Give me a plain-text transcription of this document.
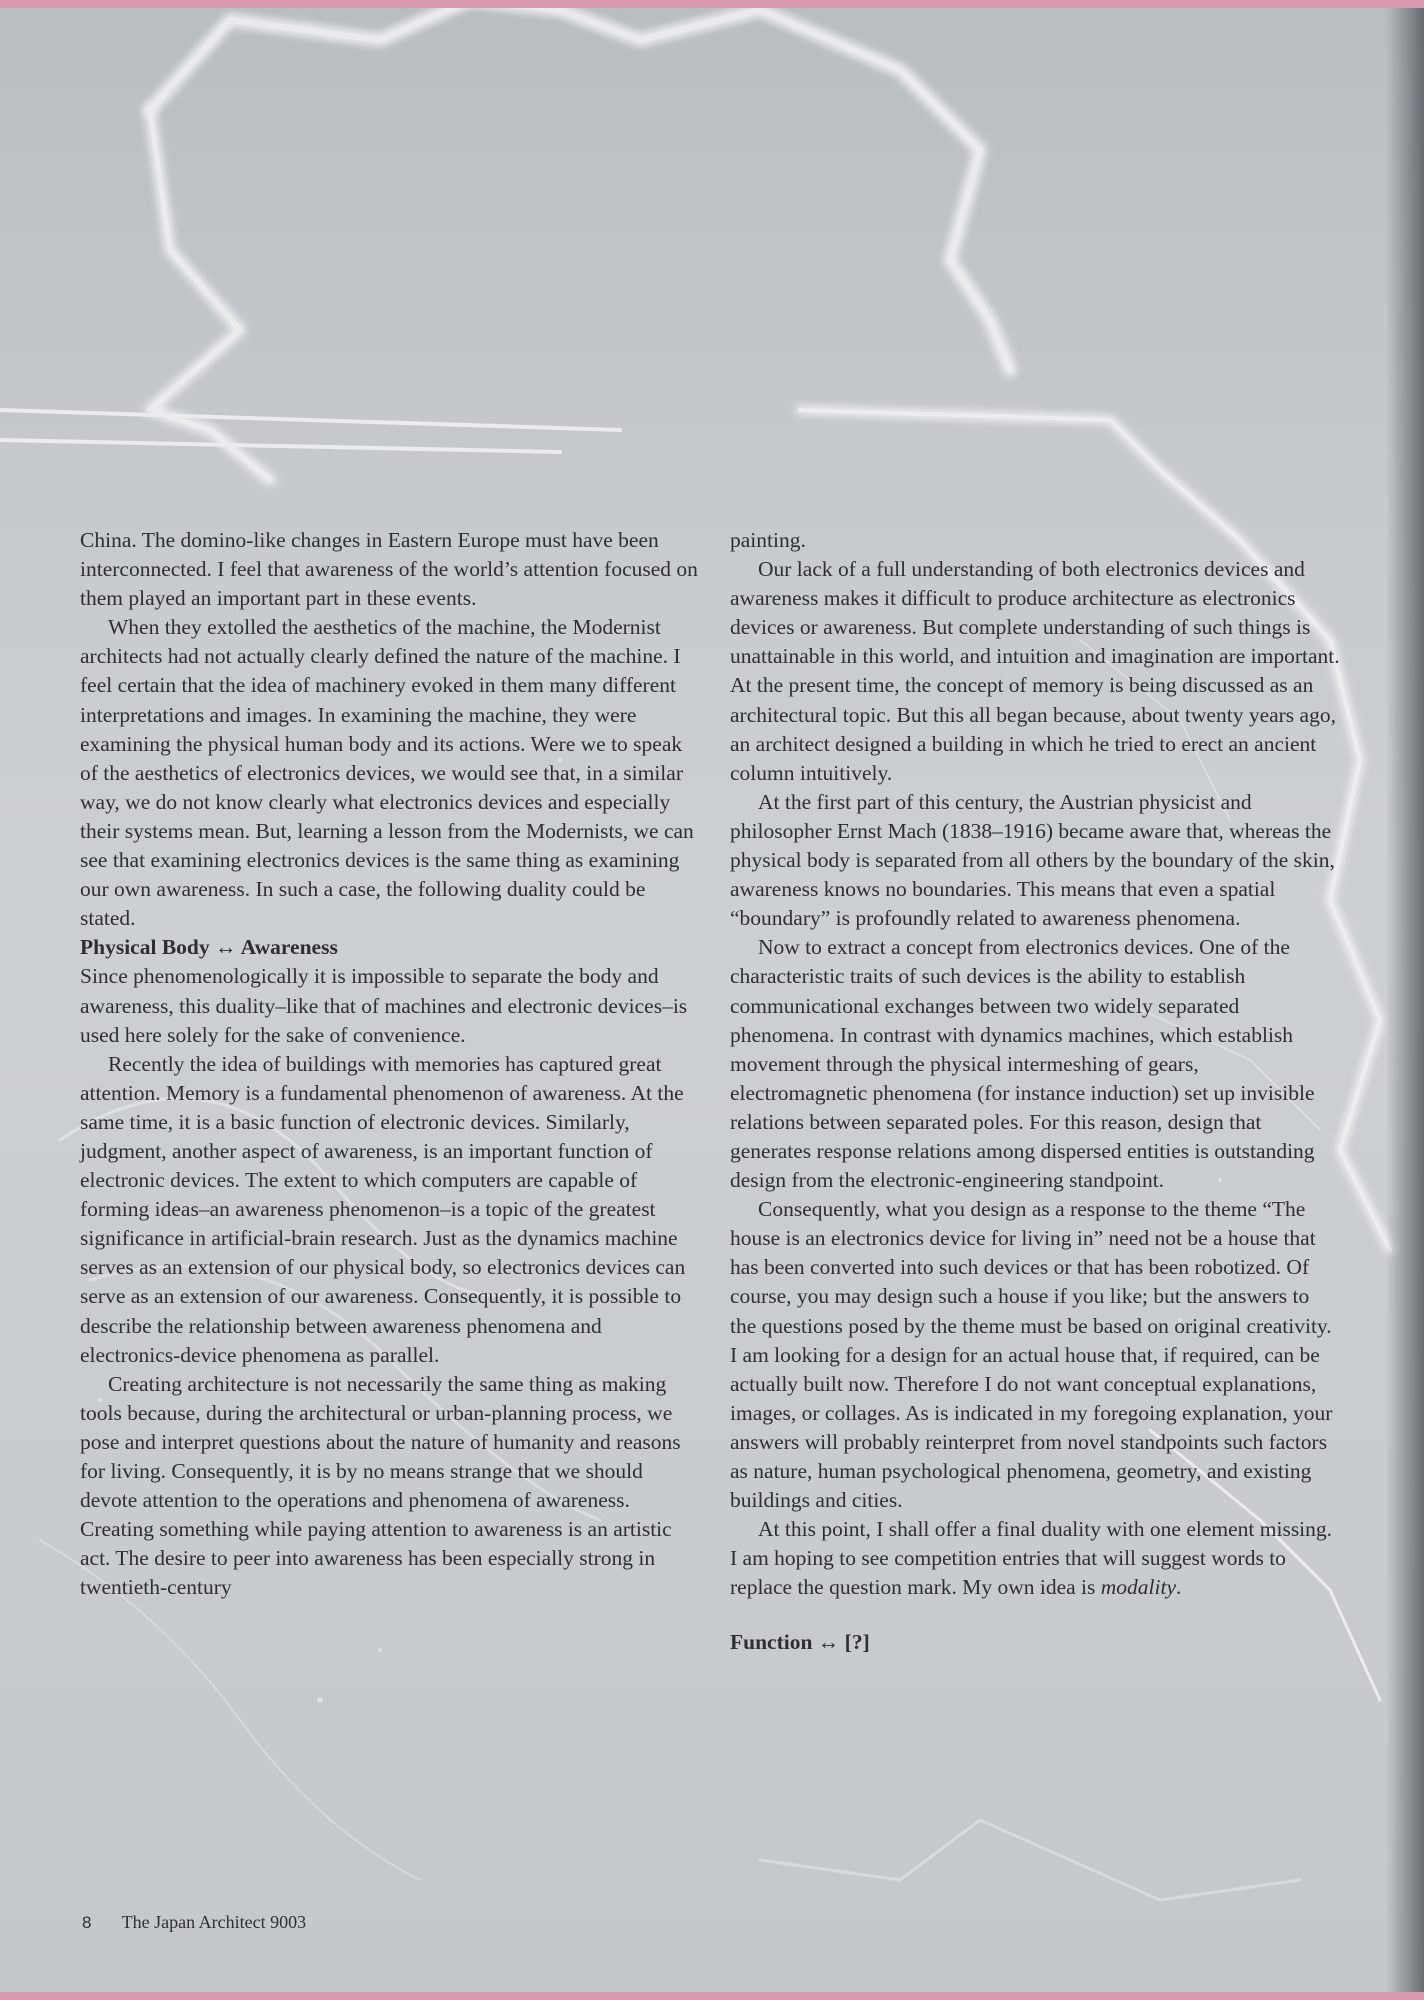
China. The domino-like changes in Eastern Europe must have been interconnected. I feel that awareness of the world’s attention focused on them played an important part in these events.

When they extolled the aesthetics of the machine, the Modernist architects had not actually clearly defined the nature of the machine. I feel certain that the idea of machinery evoked in them many different interpretations and images. In examining the machine, they were examining the physical human body and its actions. Were we to speak of the aesthetics of electronics devices, we would see that, in a similar way, we do not know clearly what electronics devices and especially their systems mean. But, learning a lesson from the Modernists, we can see that examining electronics devices is the same thing as examining our own awareness. In such a case, the following duality could be stated.

Physical Body ↔ Awareness

Since phenomenologically it is impossible to separate the body and awareness, this duality–like that of machines and electronic devices–is used here solely for the sake of convenience.

Recently the idea of buildings with memories has captured great attention. Memory is a fundamental phenomenon of awareness. At the same time, it is a basic function of electronic devices. Similarly, judgment, another aspect of awareness, is an important function of electronic devices. The extent to which computers are capable of forming ideas–an awareness phenomenon–is a topic of the greatest significance in artificial-brain research. Just as the dynamics machine serves as an extension of our physical body, so electronics devices can serve as an extension of our awareness. Consequently, it is possible to describe the relationship between awareness phenomena and electronics-device phenomena as parallel.

Creating architecture is not necessarily the same thing as making tools because, during the architectural or urban-planning process, we pose and interpret questions about the nature of humanity and reasons for living. Consequently, it is by no means strange that we should devote attention to the operations and phenomena of awareness. Creating something while paying attention to awareness is an artistic act. The desire to peer into awareness has been especially strong in twentieth-century

painting.

Our lack of a full understanding of both electronics devices and awareness makes it difficult to produce architecture as electronics devices or awareness. But complete understanding of such things is unattainable in this world, and intuition and imagination are important. At the present time, the concept of memory is being discussed as an architectural topic. But this all began because, about twenty years ago, an architect designed a building in which he tried to erect an ancient column intuitively.

At the first part of this century, the Austrian physicist and philosopher Ernst Mach (1838–1916) became aware that, whereas the physical body is separated from all others by the boundary of the skin, awareness knows no boundaries. This means that even a spatial “boundary” is profoundly related to awareness phenomena.

Now to extract a concept from electronics devices. One of the characteristic traits of such devices is the ability to establish communicational exchanges between two widely separated phenomena. In contrast with dynamics machines, which establish movement through the physical intermeshing of gears, electromagnetic phenomena (for instance induction) set up invisible relations between separated poles. For this reason, design that generates response relations among dispersed entities is outstanding design from the electronic-engineering standpoint.

Consequently, what you design as a response to the theme “The house is an electronics device for living in” need not be a house that has been converted into such devices or that has been robotized. Of course, you may design such a house if you like; but the answers to the questions posed by the theme must be based on original creativity. I am looking for a design for an actual house that, if required, can be actually built now. Therefore I do not want conceptual explanations, images, or collages. As is indicated in my foregoing explanation, your answers will probably reinterpret from novel standpoints such factors as nature, human psychological phenomena, geometry, and existing buildings and cities.

At this point, I shall offer a final duality with one element missing. I am hoping to see competition entries that will suggest words to replace the question mark. My own idea is modality.

Function ↔ [?]

8 The Japan Architect 9003
